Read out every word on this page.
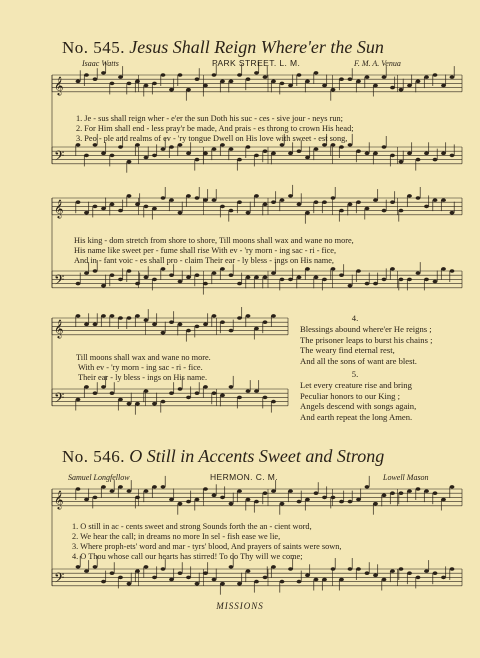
No. 545. Jesus Shall Reign Where'er the Sun
Isaac Watts	PARK STREET. L. M.	F. M. A. Venua
𝄞
𝄢
𝄞
𝄢
𝄞
𝄢
𝄞
𝄢
1. Je - sus shall reign wher - e'er the sun Doth his suc - ces - sive jour - neys run;
2. For Him shall end - less pray'r be made, And prais - es throng to crown His head;
3. Peo - ple and realms of ev - 'ry tongue Dwell on His love with sweet - est song,
His king - dom stretch from shore to shore, Till moons shall wax and wane no more,
His name like sweet per - fume shall rise With ev - 'ry morn - ing sac - ri - fice,
And in - fant voic - es shall pro - claim Their ear - ly bless - ings on His name,
Till moons shall wax and wane no more.
With ev - 'ry morn - ing sac - ri - fice.
Their ear - ly bless - ings on His name.
4.
Blessings abound where'er He reigns ;
The prisoner leaps to burst his chains ;
The weary find eternal rest,
And all the sons of want are blest.
5.
Let every creature rise and bring
Peculiar honors to our King ;
Angels descend with songs again,
And earth repeat the long Amen.
No. 546. O Still in Accents Sweet and Strong
Samuel Longfellow	HERMON. C. M.	Lowell Mason
1. O still in ac - cents sweet and strong Sounds forth the an - cient word,
2. We hear the call; in dreams no more In sel - fish ease we lie,
3. Where proph-ets' word and mar - tyrs' blood, And prayers of saints were sown,
4. O Thou whose call our hearts has stirred! To do Thy will we come;
MISSIONS
